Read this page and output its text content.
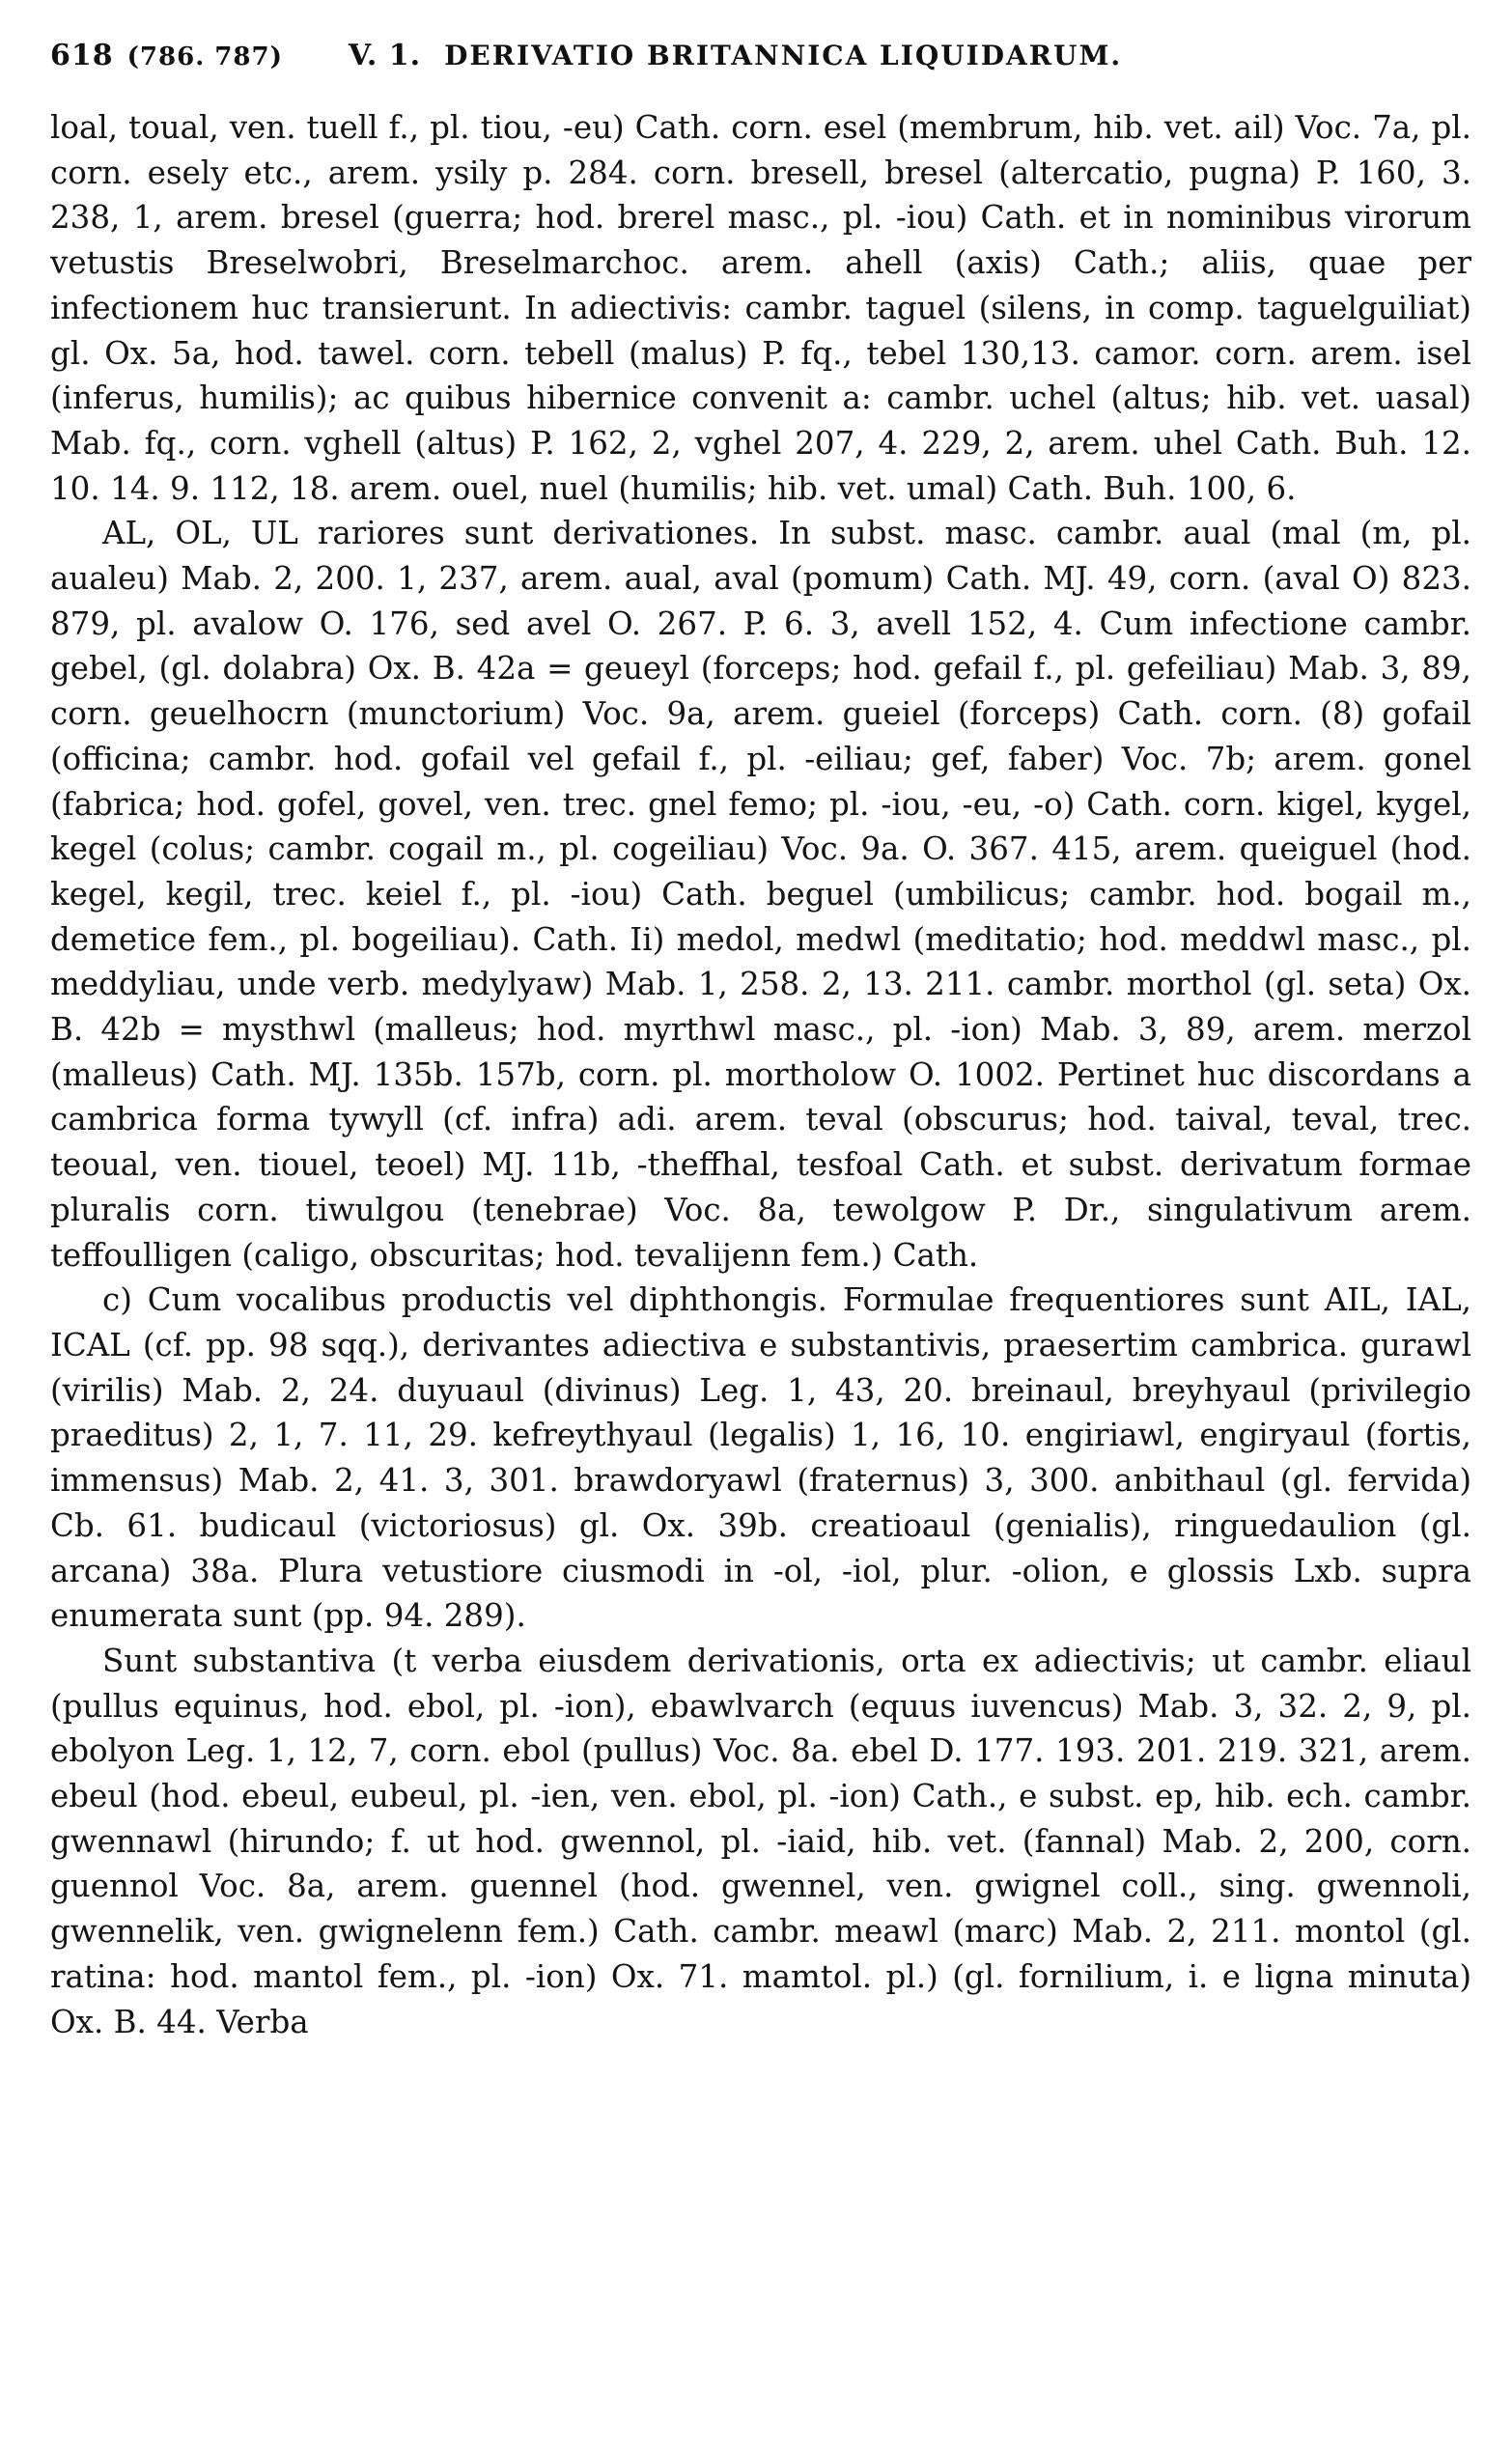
618 (786. 787) V. 1. DERIVATIO BRITANNICA LIQUIDARUM.

loal, toual, ven. tuell f., pl. tiou, -eu) Cath. corn. esel (membrum, hib. vet. ail) Voc. 7a, pl. corn. esely etc., arem. ysily p. 284. corn. bresell, bresel (altercatio, pugna) P. 160, 3. 238, 1, arem. bresel (guerra; hod. brerel masc., pl. -iou) Cath. et in nominibus virorum vetustis Breselwobri, Breselmarchoc. arem. ahell (axis) Cath.; aliis, quae per infectionem huc transierunt. In adiectivis: cambr. taguel (silens, in comp. taguelguiliat) gl. Ox. 5a, hod. tawel. corn. tebell (malus) P. fq., tebel 130,13. camor. corn. arem. isel (inferus, humilis); ac quibus hibernice convenit a: cambr. uchel (altus; hib. vet. uasal) Mab. fq., corn. vghell (altus) P. 162, 2, vghel 207, 4. 229, 2, arem. uhel Cath. Buh. 12. 10. 14. 9. 112, 18. arem. ouel, nuel (humilis; hib. vet. umal) Cath. Buh. 100, 6.

AL, OL, UL rariores sunt derivationes. In subst. masc. cambr. aual (mal (m, pl. aualeu) Mab. 2, 200. 1, 237, arem. aual, aval (pomum) Cath. MJ. 49, corn. (aval O) 823. 879, pl. avalow O. 176, sed avel O. 267. P. 6. 3, avell 152, 4. Cum infectione cambr. gebel, (gl. dolabra) Ox. B. 42a = geueyl (forceps; hod. gefail f., pl. gefeiliau) Mab. 3, 89, corn. geuelhocrn (munctorium) Voc. 9a, arem. gueiel (forceps) Cath. corn. (8) gofail (officina; cambr. hod. gofail vel gefail f., pl. -eiliau; gef, faber) Voc. 7b; arem. gonel (fabrica; hod. gofel, govel, ven. trec. gnel femo; pl. -iou, -eu, -o) Cath. corn. kigel, kygel, kegel (colus; cambr. cogail m., pl. cogeiliau) Voc. 9a. O. 367. 415, arem. queiguel (hod. kegel, kegil, trec. keiel f., pl. -iou) Cath. beguel (umbilicus; cambr. hod. bogail m., demetice fem., pl. bogeiliau). Cath. Ii) medol, medwl (meditatio; hod. meddwl masc., pl. meddyliau, unde verb. medylyaw) Mab. 1, 258. 2, 13. 211. cambr. morthol (gl. seta) Ox. B. 42b = mysthwl (malleus; hod. myrthwl masc., pl. -ion) Mab. 3, 89, arem. merzol (malleus) Cath. MJ. 135b. 157b, corn. pl. mortholow O. 1002. Pertinet huc discordans a cambrica forma tywyll (cf. infra) adi. arem. teval (obscurus; hod. taival, teval, trec. teoual, ven. tiouel, teoel) MJ. 11b, -theffhal, tesfoal Cath. et subst. derivatum formae pluralis corn. tiwulgou (tenebrae) Voc. 8a, tewolgow P. Dr., singulativum arem. teffoulligen (caligo, obscuritas; hod. tevalijenn fem.) Cath.

c) Cum vocalibus productis vel diphthongis. Formulae frequentiores sunt AIL, IAL, ICAL (cf. pp. 98 sqq.), derivantes adiectiva e substantivis, praesertim cambrica. gurawl (virilis) Mab. 2, 24. duyuaul (divinus) Leg. 1, 43, 20. breinaul, breyhyaul (privilegio praeditus) 2, 1, 7. 11, 29. kefreythyaul (legalis) 1, 16, 10. engiriawl, engiryaul (fortis, immensus) Mab. 2, 41. 3, 301. brawdoryawl (fraternus) 3, 300. anbithaul (gl. fervida) Cb. 61. budicaul (victoriosus) gl. Ox. 39b. creatioaul (genialis), ringuedaulion (gl. arcana) 38a. Plura vetustiore ciusmodi in -ol, -iol, plur. -olion, e glossis Lxb. supra enumerata sunt (pp. 94. 289).

Sunt substantiva (t verba eiusdem derivationis, orta ex adiectivis; ut cambr. eliaul (pullus equinus, hod. ebol, pl. -ion), ebawlvarch (equus iuvencus) Mab. 3, 32. 2, 9, pl. ebolyon Leg. 1, 12, 7, corn. ebol (pullus) Voc. 8a. ebel D. 177. 193. 201. 219. 321, arem. ebeul (hod. ebeul, eubeul, pl. -ien, ven. ebol, pl. -ion) Cath., e subst. ep, hib. ech. cambr. gwennawl (hirundo; f. ut hod. gwennol, pl. -iaid, hib. vet. (fannal) Mab. 2, 200, corn. guennol Voc. 8a, arem. guennel (hod. gwennel, ven. gwignel coll., sing. gwennoli, gwennelik, ven. gwignelenn fem.) Cath. cambr. meawl (marc) Mab. 2, 211. montol (gl. ratina: hod. mantol fem., pl. -ion) Ox. 71. mamtol. pl.) (gl. fornilium, i. e ligna minuta) Ox. B. 44. Verba
